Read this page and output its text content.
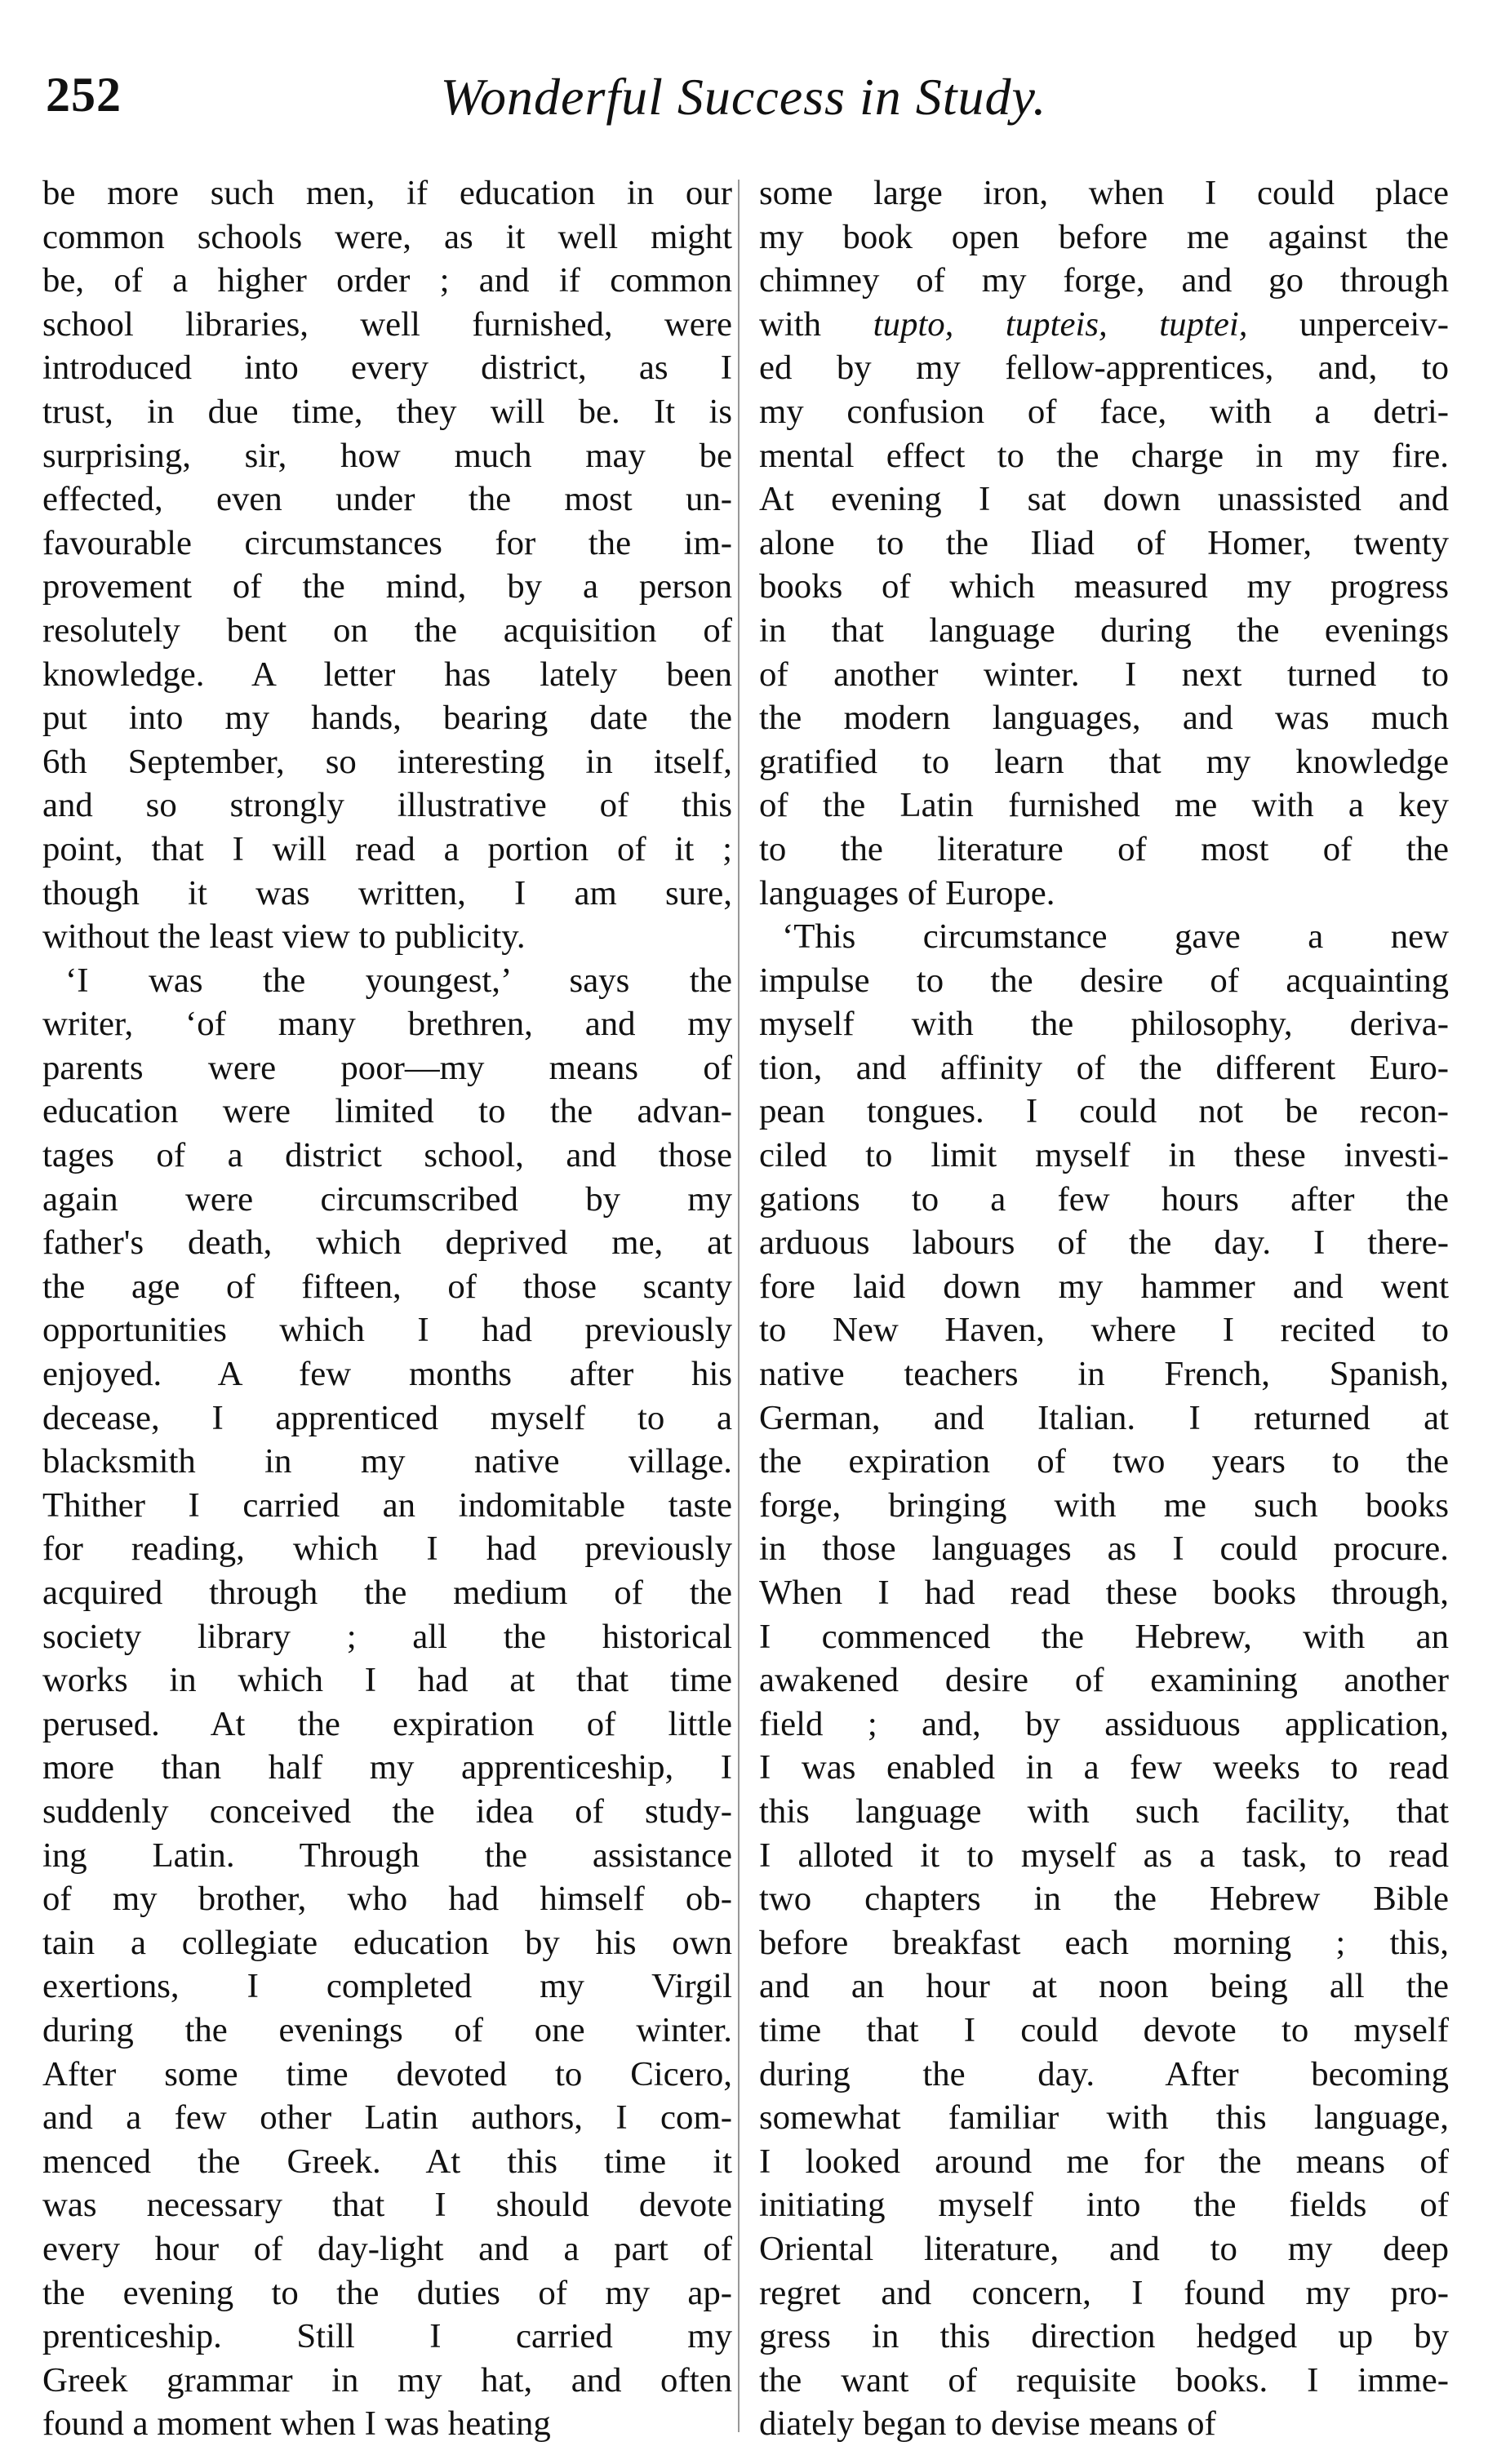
252	Wonderful Success in Study.
be more such men, if education in our
common schools were, as it well might
be, of a higher order ; and if common
school libraries, well furnished, were
introduced into every district, as I
trust, in due time, they will be. It is
surprising, sir, how much may be
effected, even under the most un-
favourable circumstances for the im-
provement of the mind, by a person
resolutely bent on the acquisition of
knowledge. A letter has lately been
put into my hands, bearing date the
6th September, so interesting in itself,
and so strongly illustrative of this
point, that I will read a portion of it ;
though it was written, I am sure,
without the least view to publicity.
‘I was the youngest,’ says the
writer, ‘of many brethren, and my
parents were poor—my means of
education were limited to the advan-
tages of a district school, and those
again were circumscribed by my
father's death, which deprived me, at
the age of fifteen, of those scanty
opportunities which I had previously
enjoyed. A few months after his
decease, I apprenticed myself to a
blacksmith in my native village.
Thither I carried an indomitable taste
for reading, which I had previously
acquired through the medium of the
society library ; all the historical
works in which I had at that time
perused. At the expiration of little
more than half my apprenticeship, I
suddenly conceived the idea of study-
ing Latin. Through the assistance
of my brother, who had himself ob-
tain a collegiate education by his own
exertions, I completed my Virgil
during the evenings of one winter.
After some time devoted to Cicero,
and a few other Latin authors, I com-
menced the Greek. At this time it
was necessary that I should devote
every hour of day-light and a part of
the evening to the duties of my ap-
prenticeship. Still I carried my
Greek grammar in my hat, and often
found a moment when I was heating
some large iron, when I could place
my book open before me against the
chimney of my forge, and go through
with tupto, tupteis, tuptei, unperceiv-
ed by my fellow-apprentices, and, to
my confusion of face, with a detri-
mental effect to the charge in my fire.
At evening I sat down unassisted and
alone to the Iliad of Homer, twenty
books of which measured my progress
in that language during the evenings
of another winter. I next turned to
the modern languages, and was much
gratified to learn that my knowledge
of the Latin furnished me with a key
to the literature of most of the
languages of Europe.
‘This circumstance gave a new
impulse to the desire of acquainting
myself with the philosophy, deriva-
tion, and affinity of the different Euro-
pean tongues. I could not be recon-
ciled to limit myself in these investi-
gations to a few hours after the
arduous labours of the day. I there-
fore laid down my hammer and went
to New Haven, where I recited to
native teachers in French, Spanish,
German, and Italian. I returned at
the expiration of two years to the
forge, bringing with me such books
in those languages as I could procure.
When I had read these books through,
I commenced the Hebrew, with an
awakened desire of examining another
field ; and, by assiduous application,
I was enabled in a few weeks to read
this language with such facility, that
I alloted it to myself as a task, to read
two chapters in the Hebrew Bible
before breakfast each morning ; this,
and an hour at noon being all the
time that I could devote to myself
during the day. After becoming
somewhat familiar with this language,
I looked around me for the means of
initiating myself into the fields of
Oriental literature, and to my deep
regret and concern, I found my pro-
gress in this direction hedged up by
the want of requisite books. I imme-
diately began to devise means of
